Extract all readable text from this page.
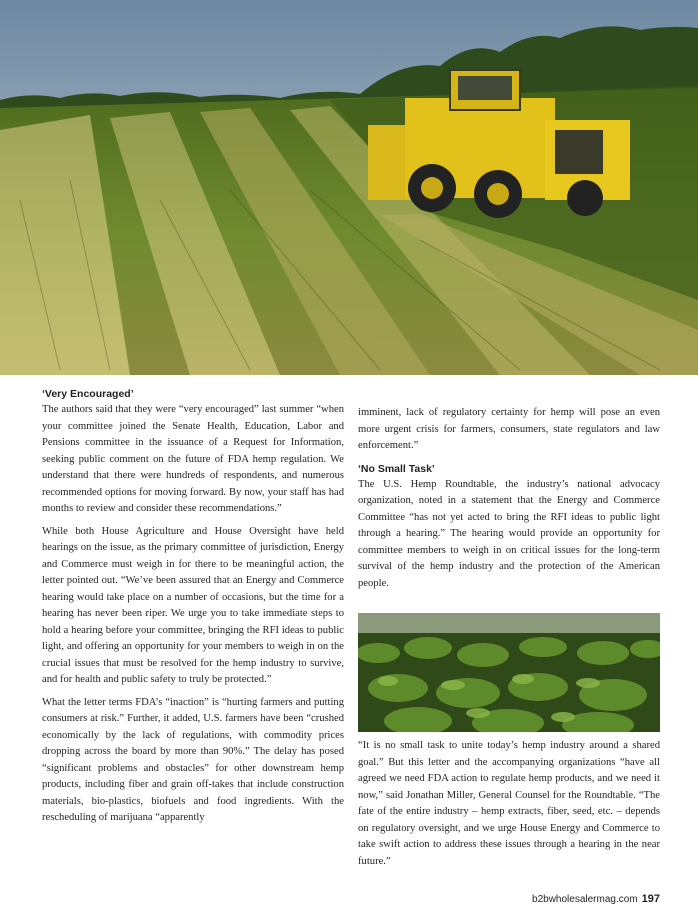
‘Very Encouraged’

The authors said that they were “very encouraged” last summer “when your committee joined the Senate Health, Education, Labor and Pensions committee in the issuance of a Request for Information, seeking public comment on the future of FDA hemp regulation. We understand that there were hundreds of respondents, and numerous recommended options for moving forward. By now, your staff has had months to review and consider these recommendations.”

While both House Agriculture and House Oversight have held hearings on the issue, as the primary committee of jurisdiction, Energy and Commerce must weigh in for there to be meaningful action, the letter pointed out. “We’ve been assured that an Energy and Commerce hearing would take place on a number of occasions, but the time for a hearing has never been riper. We urge you to take immediate steps to hold a hearing before your committee, bringing the RFI ideas to public light, and offering an opportunity for your members to weigh in on the crucial issues that must be resolved for the hemp industry to survive, and for health and public safety to truly be protected.”

What the letter terms FDA’s “inaction” is “hurting farmers and putting consumers at risk.” Further, it added, U.S. farmers have been “crushed economically by the lack of regulations, with commodity prices dropping across the board by more than 90%.” The delay has posed “significant problems and obstacles” for other downstream hemp products, including fiber and grain off-takes that include construction materials, bio-plastics, biofuels and food ingredients. With the rescheduling of marijuana “apparently

imminent, lack of regulatory certainty for hemp will pose an even more urgent crisis for farmers, consumers, state regulators and law enforcement.”

‘No Small Task’

The U.S. Hemp Roundtable, the industry’s national advocacy organization, noted in a statement that the Energy and Commerce Committee “has not yet acted to bring the RFI ideas to public light through a hearing.” The hearing would provide an opportunity for committee members to weigh in on critical issues for the long-term survival of the hemp industry and the protection of the American people.

“It is no small task to unite today’s hemp industry around a shared goal.” But this letter and the accompanying organizations “have all agreed we need FDA action to regulate hemp products, and we need it now,” said Jonathan Miller, General Counsel for the Roundtable. “The fate of the entire industry – hemp extracts, fiber, seed, etc. – depends on regulatory oversight, and we urge House Energy and Commerce to take swift action to address these issues through a hearing in the near future.”

b2bwholesalermag.com 197
